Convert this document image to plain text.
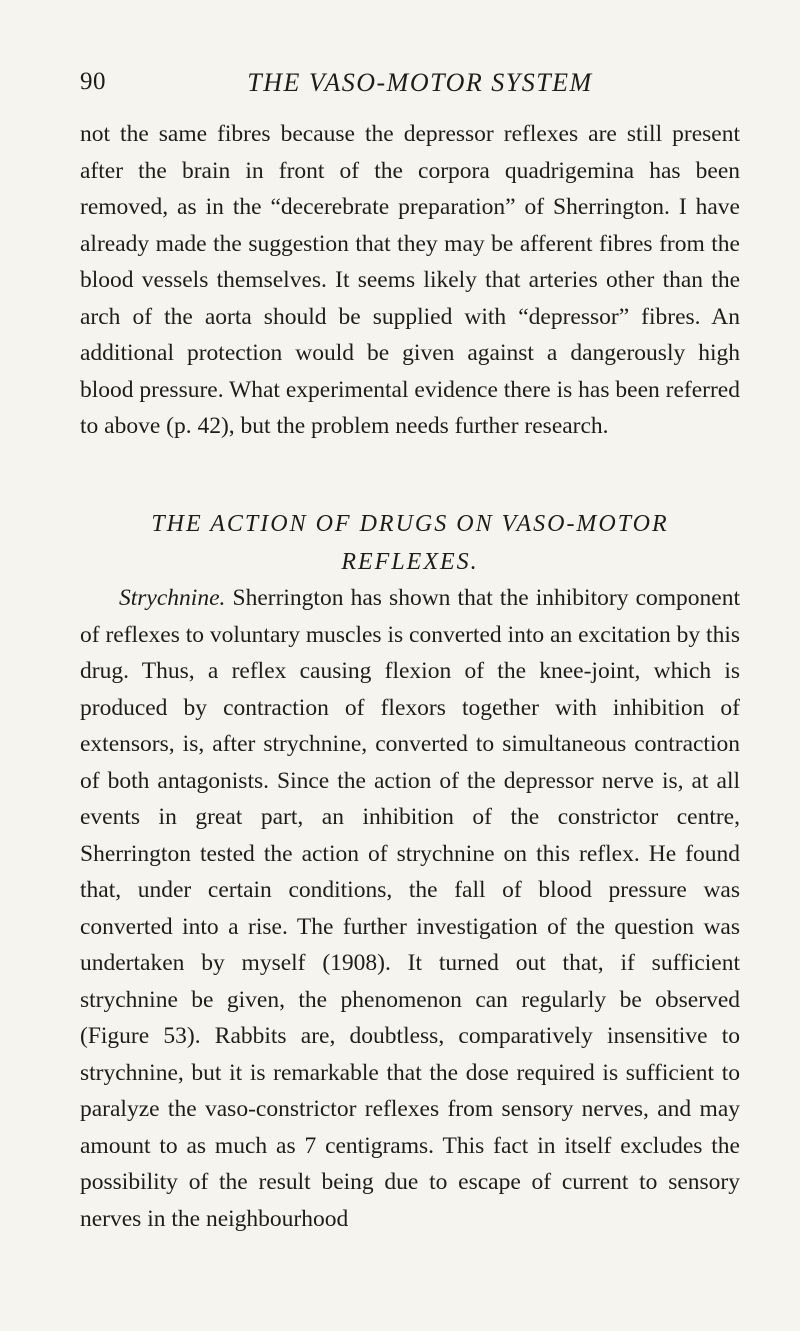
90	THE VASO-MOTOR SYSTEM

not the same fibres because the depressor reflexes are still present after the brain in front of the corpora quadrigemina has been removed, as in the “decerebrate preparation” of Sherrington. I have already made the suggestion that they may be afferent fibres from the blood vessels themselves. It seems likely that arteries other than the arch of the aorta should be supplied with “depressor” fibres. An additional protection would be given against a dangerously high blood pressure. What experimental evidence there is has been referred to above (p. 42), but the problem needs further research.

THE ACTION OF DRUGS ON VASO-MOTOR REFLEXES.

Strychnine. Sherrington has shown that the inhibitory component of reflexes to voluntary muscles is converted into an excitation by this drug. Thus, a reflex causing flexion of the knee-joint, which is produced by contraction of flexors together with inhibition of extensors, is, after strychnine, converted to simultaneous contraction of both antagonists. Since the action of the depressor nerve is, at all events in great part, an inhibition of the constrictor centre, Sherrington tested the action of strychnine on this reflex. He found that, under certain conditions, the fall of blood pressure was converted into a rise. The further investigation of the question was undertaken by myself (1908). It turned out that, if sufficient strychnine be given, the phenomenon can regularly be observed (Figure 53). Rabbits are, doubtless, comparatively insensitive to strychnine, but it is remarkable that the dose required is sufficient to paralyze the vaso-constrictor reflexes from sensory nerves, and may amount to as much as 7 centigrams. This fact in itself excludes the possibility of the result being due to escape of current to sensory nerves in the neighbourhood
